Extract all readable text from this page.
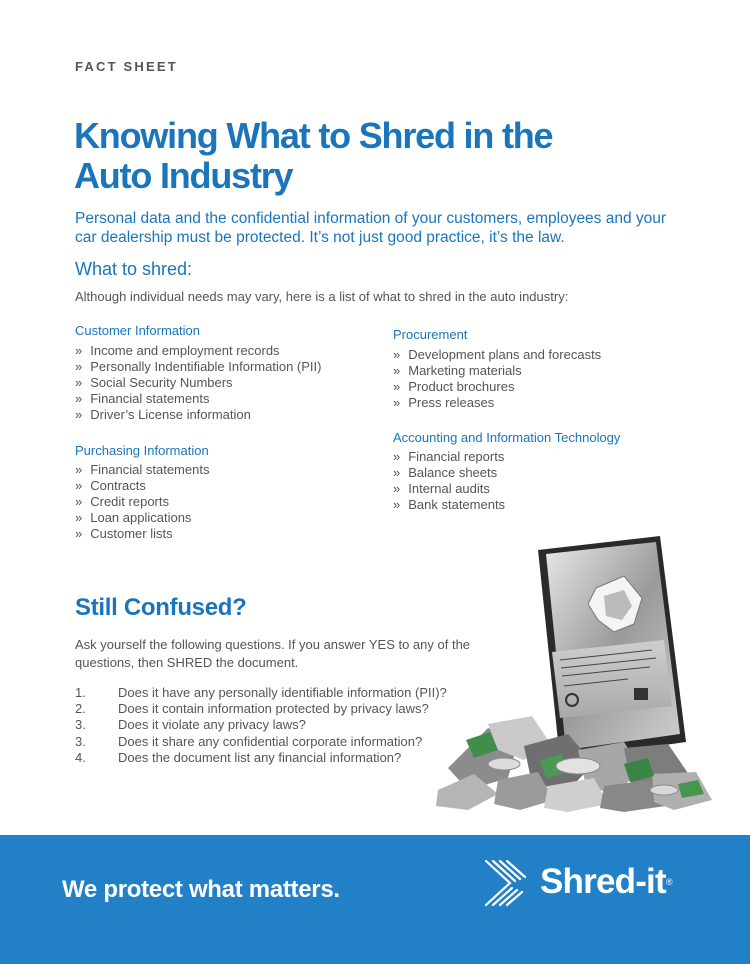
FACT SHEET
Knowing What to Shred in the Auto Industry

Personal data and the confidential information of your customers, employees and your car dealership must be protected. It’s not just good practice, it’s the law.

What to shred:

Although individual needs may vary, here is a list of what to shred in the auto industry:

Customer Information
» Income and employment records
» Personally Indentifiable Information (PII)
» Social Security Numbers
» Financial statements
» Driver’s License information
Purchasing Information
» Financial statements
» Contracts
» Credit reports
» Loan applications
» Customer lists
Procurement
» Development plans and forecasts
» Marketing materials
» Product brochures
» Press releases
Accounting and Information Technology
» Financial reports
» Balance sheets
» Internal audits
» Bank statements
Still Confused?

Ask yourself the following questions. If you answer YES to any of the questions, then SHRED the document.

1. Does it have any personally identifiable information (PII)?
2. Does it contain information protected by privacy laws?
3. Does it violate any privacy laws?
3. Does it share any confidential corporate information?
4. Does the document list any financial information?

We protect what matters.	Shred-it ®
